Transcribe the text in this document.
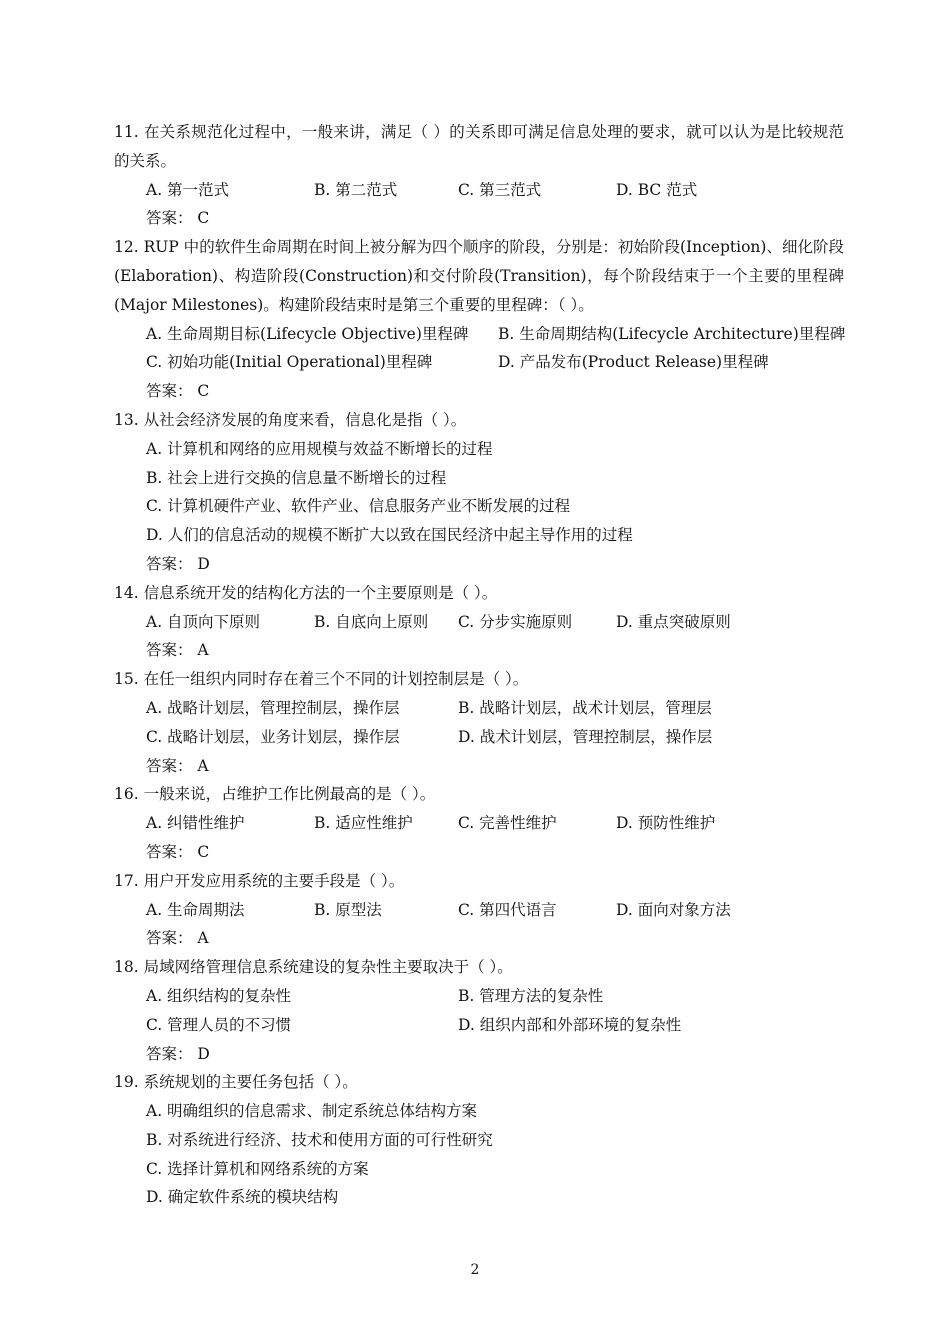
11. 在关系规范化过程中，一般来讲，满足（ ）的关系即可满足信息处理的要求，就可以认为是比较规范的关系。
A. 第一范式	B. 第二范式	C. 第三范式	D. BC 范式
答案： C
12. RUP 中的软件生命周期在时间上被分解为四个顺序的阶段，分别是：初始阶段(Inception)、细化阶段(Elaboration)、构造阶段(Construction)和交付阶段(Transition)，每个阶段结束于一个主要的里程碑(Major Milestones)。构建阶段结束时是第三个重要的里程碑：（ ）。
A. 生命周期目标(Lifecycle Objective)里程碑 B. 生命周期结构(Lifecycle Architecture)里程碑
C. 初始功能(Initial Operational)里程碑	D. 产品发布(Product Release)里程碑
答案： C
13. 从社会经济发展的角度来看，信息化是指（ ）。
A. 计算机和网络的应用规模与效益不断增长的过程
B. 社会上进行交换的信息量不断增长的过程
C. 计算机硬件产业、软件产业、信息服务产业不断发展的过程
D. 人们的信息活动的规模不断扩大以致在国民经济中起主导作用的过程
答案： D
14. 信息系统开发的结构化方法的一个主要原则是（ ）。
A. 自顶向下原则	B. 自底向上原则 C. 分步实施原则	D. 重点突破原则
答案： A
15. 在任一组织内同时存在着三个不同的计划控制层是（ ）。
A. 战略计划层，管理控制层，操作层	B. 战略计划层，战术计划层，管理层
C. 战略计划层，业务计划层，操作层	D. 战术计划层，管理控制层，操作层
答案： A
16. 一般来说，占维护工作比例最高的是（ ）。
A. 纠错性维护	B. 适应性维护	C. 完善性维护	D. 预防性维护
答案： C
17. 用户开发应用系统的主要手段是（ ）。
A. 生命周期法	B. 原型法	C. 第四代语言	D. 面向对象方法
答案： A
18. 局域网络管理信息系统建设的复杂性主要取决于（ ）。
A. 组织结构的复杂性	B. 管理方法的复杂性
C. 管理人员的不习惯	D. 组织内部和外部环境的复杂性
答案： D
19. 系统规划的主要任务包括（ ）。
A. 明确组织的信息需求、制定系统总体结构方案
B. 对系统进行经济、技术和使用方面的可行性研究
C. 选择计算机和网络系统的方案
D. 确定软件系统的模块结构
2
